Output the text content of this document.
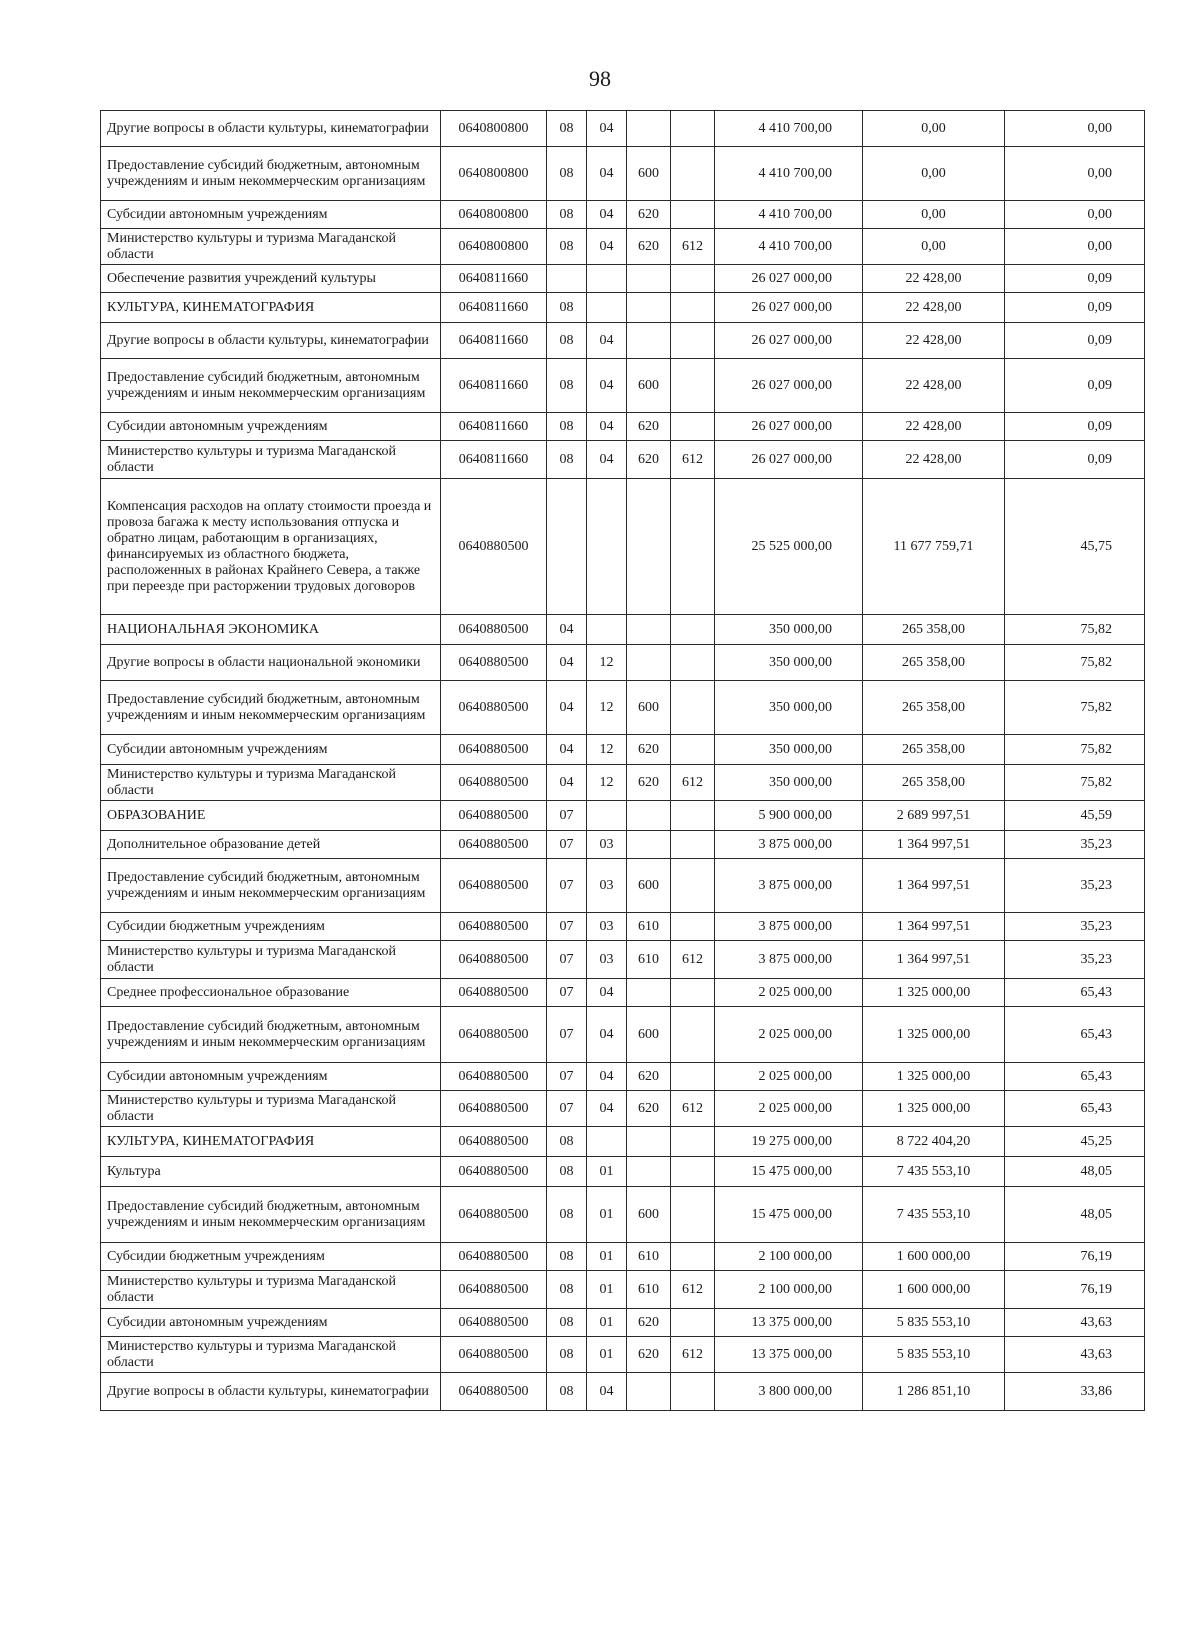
98
Другие вопросы в области культуры, кинематографии	0640800800	08	04			4 410 700,00	0,00	0,00
Предоставление субсидий бюджетным, автономным учреждениям и иным некоммерческим организациям	0640800800	08	04	600		4 410 700,00	0,00	0,00
Субсидии автономным учреждениям	0640800800	08	04	620		4 410 700,00	0,00	0,00
Министерство культуры и туризма Магаданской области	0640800800	08	04	620	612	4 410 700,00	0,00	0,00
Обеспечение развития учреждений культуры	0640811660					26 027 000,00	22 428,00	0,09
КУЛЬТУРА, КИНЕМАТОГРАФИЯ	0640811660	08				26 027 000,00	22 428,00	0,09
Другие вопросы в области культуры, кинематографии	0640811660	08	04			26 027 000,00	22 428,00	0,09
Предоставление субсидий бюджетным, автономным учреждениям и иным некоммерческим организациям	0640811660	08	04	600		26 027 000,00	22 428,00	0,09
Субсидии автономным учреждениям	0640811660	08	04	620		26 027 000,00	22 428,00	0,09
Министерство культуры и туризма Магаданской области	0640811660	08	04	620	612	26 027 000,00	22 428,00	0,09
Компенсация расходов на оплату стоимости проезда и провоза багажа к месту использования отпуска и обратно лицам, работающим в организациях, финансируемых из областного бюджета, расположенных в районах Крайнего Севера, а также при переезде при расторжении трудовых договоров	0640880500					25 525 000,00	11 677 759,71	45,75
НАЦИОНАЛЬНАЯ ЭКОНОМИКА	0640880500	04				350 000,00	265 358,00	75,82
Другие вопросы в области национальной экономики	0640880500	04	12			350 000,00	265 358,00	75,82
Предоставление субсидий бюджетным, автономным учреждениям и иным некоммерческим организациям	0640880500	04	12	600		350 000,00	265 358,00	75,82
Субсидии автономным учреждениям	0640880500	04	12	620		350 000,00	265 358,00	75,82
Министерство культуры и туризма Магаданской области	0640880500	04	12	620	612	350 000,00	265 358,00	75,82
ОБРАЗОВАНИЕ	0640880500	07				5 900 000,00	2 689 997,51	45,59
Дополнительное образование детей	0640880500	07	03			3 875 000,00	1 364 997,51	35,23
Предоставление субсидий бюджетным, автономным учреждениям и иным некоммерческим организациям	0640880500	07	03	600		3 875 000,00	1 364 997,51	35,23
Субсидии бюджетным учреждениям	0640880500	07	03	610		3 875 000,00	1 364 997,51	35,23
Министерство культуры и туризма Магаданской области	0640880500	07	03	610	612	3 875 000,00	1 364 997,51	35,23
Среднее профессиональное образование	0640880500	07	04			2 025 000,00	1 325 000,00	65,43
Предоставление субсидий бюджетным, автономным учреждениям и иным некоммерческим организациям	0640880500	07	04	600		2 025 000,00	1 325 000,00	65,43
Субсидии автономным учреждениям	0640880500	07	04	620		2 025 000,00	1 325 000,00	65,43
Министерство культуры и туризма Магаданской области	0640880500	07	04	620	612	2 025 000,00	1 325 000,00	65,43
КУЛЬТУРА, КИНЕМАТОГРАФИЯ	0640880500	08				19 275 000,00	8 722 404,20	45,25
Культура	0640880500	08	01			15 475 000,00	7 435 553,10	48,05
Предоставление субсидий бюджетным, автономным учреждениям и иным некоммерческим организациям	0640880500	08	01	600		15 475 000,00	7 435 553,10	48,05
Субсидии бюджетным учреждениям	0640880500	08	01	610		2 100 000,00	1 600 000,00	76,19
Министерство культуры и туризма Магаданской области	0640880500	08	01	610	612	2 100 000,00	1 600 000,00	76,19
Субсидии автономным учреждениям	0640880500	08	01	620		13 375 000,00	5 835 553,10	43,63
Министерство культуры и туризма Магаданской области	0640880500	08	01	620	612	13 375 000,00	5 835 553,10	43,63
Другие вопросы в области культуры, кинематографии	0640880500	08	04			3 800 000,00	1 286 851,10	33,86
